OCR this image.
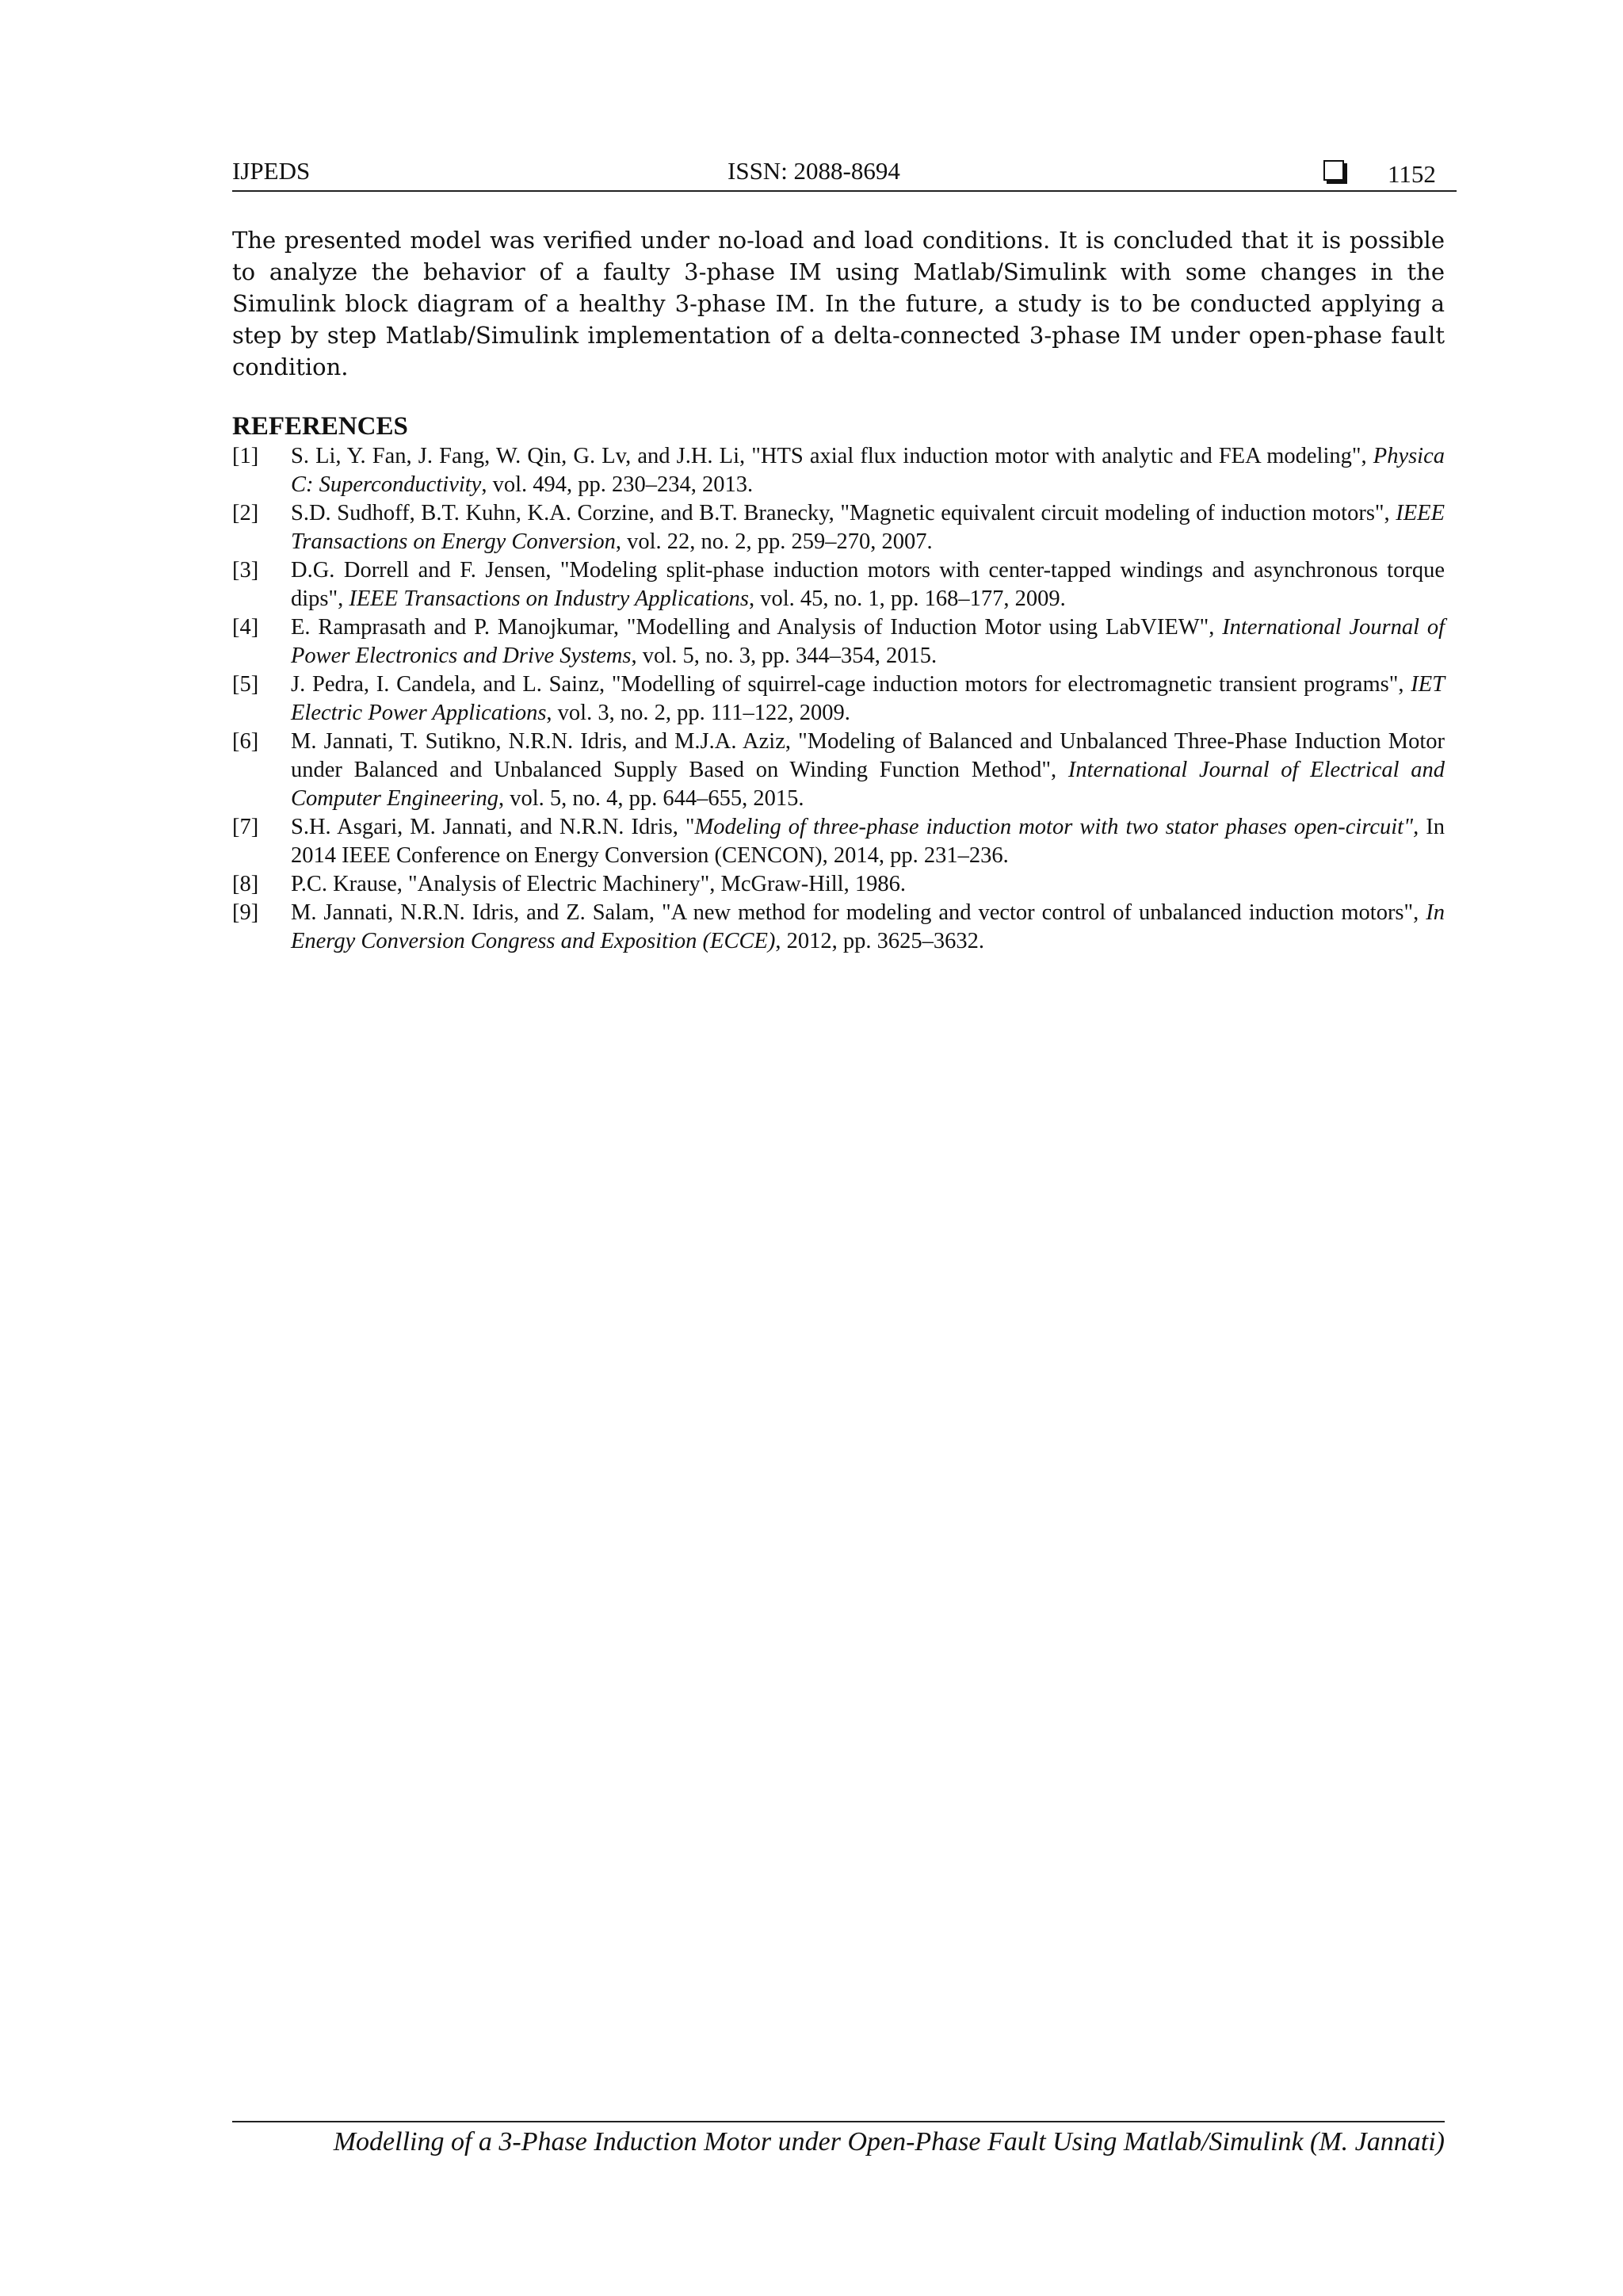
IJPEDS	ISSN: 2088-8694	1152

The presented model was verified under no-load and load conditions. It is concluded that it is possible to analyze the behavior of a faulty 3-phase IM using Matlab/Simulink with some changes in the Simulink block diagram of a healthy 3-phase IM. In the future, a study is to be conducted applying a step by step Matlab/Simulink implementation of a delta-connected 3-phase IM under open-phase fault condition.

REFERENCES
[1]	S. Li, Y. Fan, J. Fang, W. Qin, G. Lv, and J.H. Li, "HTS axial flux induction motor with analytic and FEA modeling", Physica C: Superconductivity, vol. 494, pp. 230–234, 2013.
[2]	S.D. Sudhoff, B.T. Kuhn, K.A. Corzine, and B.T. Branecky, "Magnetic equivalent circuit modeling of induction motors", IEEE Transactions on Energy Conversion, vol. 22, no. 2, pp. 259–270, 2007.
[3]	D.G. Dorrell and F. Jensen, "Modeling split-phase induction motors with center-tapped windings and asynchronous torque dips", IEEE Transactions on Industry Applications, vol. 45, no. 1, pp. 168–177, 2009.
[4]	E. Ramprasath and P. Manojkumar, "Modelling and Analysis of Induction Motor using LabVIEW", International Journal of Power Electronics and Drive Systems, vol. 5, no. 3, pp. 344–354, 2015.
[5]	J. Pedra, I. Candela, and L. Sainz, "Modelling of squirrel-cage induction motors for electromagnetic transient programs", IET Electric Power Applications, vol. 3, no. 2, pp. 111–122, 2009.
[6]	M. Jannati, T. Sutikno, N.R.N. Idris, and M.J.A. Aziz, "Modeling of Balanced and Unbalanced Three-Phase Induction Motor under Balanced and Unbalanced Supply Based on Winding Function Method", International Journal of Electrical and Computer Engineering, vol. 5, no. 4, pp. 644–655, 2015.
[7]	S.H. Asgari, M. Jannati, and N.R.N. Idris, "Modeling of three-phase induction motor with two stator phases open-circuit", In 2014 IEEE Conference on Energy Conversion (CENCON), 2014, pp. 231–236.
[8]	P.C. Krause, "Analysis of Electric Machinery", McGraw-Hill, 1986.
[9]	M. Jannati, N.R.N. Idris, and Z. Salam, "A new method for modeling and vector control of unbalanced induction motors", In Energy Conversion Congress and Exposition (ECCE), 2012, pp. 3625–3632.

Modelling of a 3-Phase Induction Motor under Open-Phase Fault Using Matlab/Simulink (M. Jannati)
